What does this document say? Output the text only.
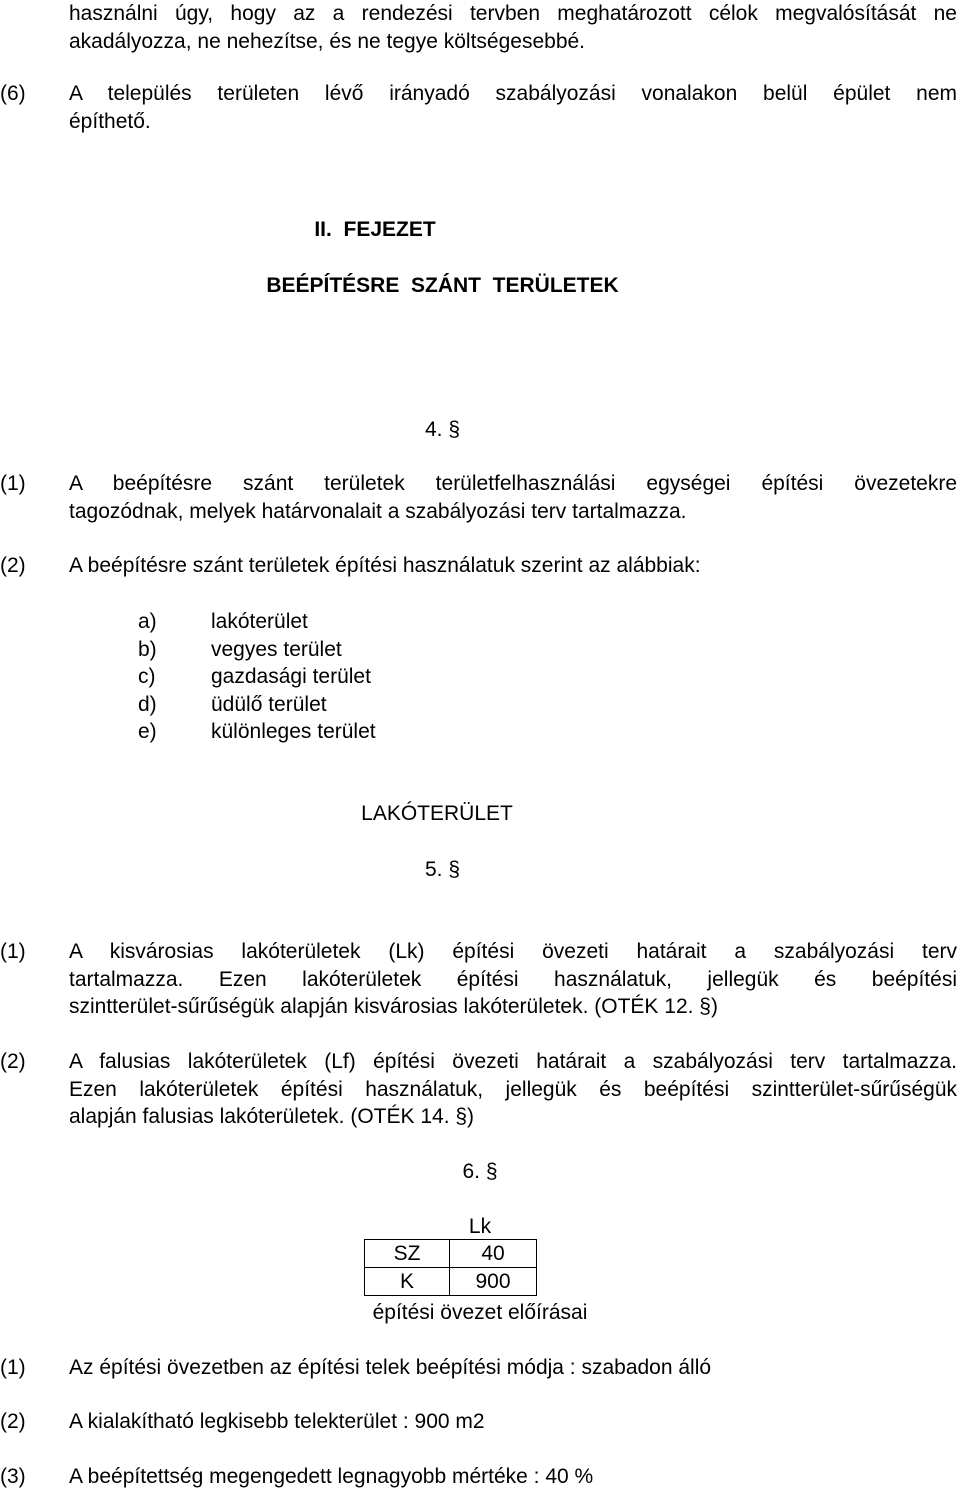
használni úgy, hogy az a rendezési tervben meghatározott célok megvalósítását ne
akadályozza, ne nehezítse, és ne tegye költségesebbé.
(6) A település területen lévő irányadó szabályozási vonalakon belül épület nem
építhető.
II.  FEJEZET
BEÉPÍTÉSRE  SZÁNT  TERÜLETEK
4. §
(1) A beépítésre szánt területek területfelhasználási egységei építési övezetekre
tagozódnak, melyek határvonalait a szabályozási terv tartalmazza.
(2) A beépítésre szánt területek építési használatuk szerint az alábbiak:
a)	lakóterület
b)	vegyes terület
c)	gazdasági terület
d)	üdülő terület
e)	különleges terület
LAKÓTERÜLET
5. §
(1) A kisvárosias lakóterületek (Lk) építési övezeti határait a szabályozási terv
tartalmazza. Ezen lakóterületek építési használatuk, jellegük és beépítési
szintterület-sűrűségük alapján kisvárosias lakóterületek. (OTÉK 12. §)
(2) A falusias lakóterületek (Lf) építési övezeti határait a szabályozási terv tartalmazza.
Ezen lakóterületek építési használatuk, jellegük és beépítési szintterület-sűrűségük
alapján falusias lakóterületek. (OTÉK 14. §)
6. §
Lk
SZ	40
K	900
építési övezet előírásai
(1) Az építési övezetben az építési telek beépítési módja : szabadon álló
(2) A kialakítható legkisebb telekterület : 900 m2
(3) A beépítettség megengedett legnagyobb mértéke : 40 %
